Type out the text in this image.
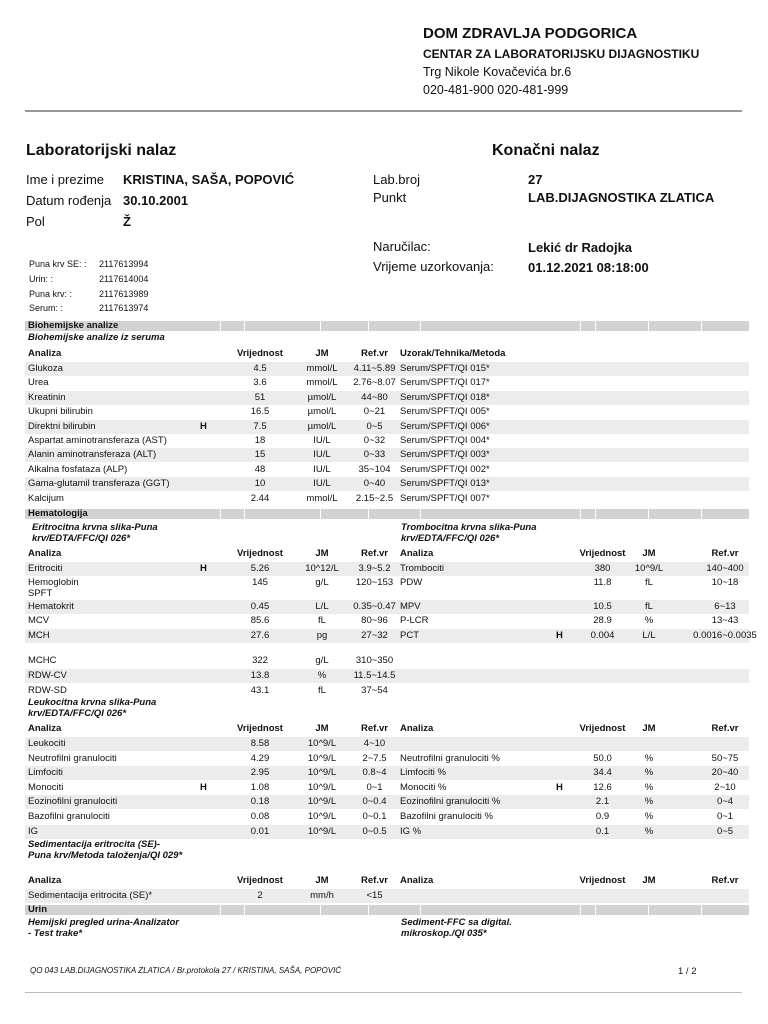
DOM ZDRAVLJA PODGORICA
CENTAR ZA LABORATORIJSKU DIJAGNOSTIKU
Trg Nikole Kovačevića br.6
020-481-900 020-481-999
Laboratorijski nalaz	Konačni nalaz
Ime i prezime KRISTINA, SAŠA, POPOVIĆ
Datum rođenja 30.10.2001
Pol	Ž
Lab.broj	27
Punkt	LAB.DIJAGNOSTIKA ZLATICA
Naručilac:	Lekić dr Radojka
Vrijeme uzorkovanja:	01.12.2021 08:18:00
Puna krv SE: : 2117613994
Urin: :	2117614004
Puna krv: :	2117613989
Serum: :	2117613974
Biohemijske analize
Biohemijske analize iz seruma
Analiza	Vrijednost	JM	Ref.vr	Uzorak/Tehnika/Metoda
Glukoza	4.5	mmol/L	4.11~5.89 Serum/SPFT/QI 015*
Urea	3.6	mmol/L	2.76~8.07 Serum/SPFT/QI 017*
Kreatinin	51	µmol/L	44~80	Serum/SPFT/QI 018*
Ukupni bilirubin	16.5	µmol/L	0~21	Serum/SPFT/QI 005*
Direktni bilirubin	H	7.5	µmol/L	0~5	Serum/SPFT/QI 006*
Aspartat aminotransferaza (AST)	18	IU/L	0~32	Serum/SPFT/QI 004*
Alanin aminotransferaza (ALT)	15	IU/L	0~33	Serum/SPFT/QI 003*
Alkalna fosfataza (ALP)	48	IU/L	35~104	Serum/SPFT/QI 002*
Gama-glutamil transferaza (GGT)	10	IU/L	0~40	Serum/SPFT/QI 013*
Kalcijum	2.44	mmol/L	2.15~2.5 Serum/SPFT/QI 007*
Hematologija
Eritrocitna krvna slika-Puna
krv/EDTA/FFC/QI 026*
Trombocitna krvna slika-Puna
krv/EDTA/FFC/QI 026*
Analiza	Vrijednost	JM	Ref.vr	Analiza	Vrijednost	JM	Ref.vr
Eritrociti	H	5.26	10^12/L	3.9~5.2
Hemoglobin	145	g/L	120~153
SPFT
Hematokrit	0.45	L/L	0.35~0.47
MCV	85.6	fL	80~96
MCH	27.6	pg	27~32
MCHC	322	g/L	310~350
RDW-CV	13.8	%	11.5~14.5
RDW-SD	43.1	fL	37~54
Trombociti	380	10^9/L	140~400
PDW	11.8	fL	10~18
MPV	10.5	fL	6~13
P-LCR	28.9	%	13~43
PCT	H	0.004	L/L	0.0016~0.0035
Leukocitna krvna slika-Puna
krv/EDTA/FFC/QI 026*
Analiza	Vrijednost	JM	Ref.vr	Analiza	Vrijednost	JM	Ref.vr
Leukociti	8.58	10^9/L	4~10
Neutrofilni granulociti	4.29	10^9/L	2~7.5
Limfociti	2.95	10^9/L	0.8~4
Monociti	H	1.08	10^9/L	0~1
Eozinofilni granulociti	0.18	10^9/L	0~0.4
Bazofilni granulociti	0.08	10^9/L	0~0.1
IG	0.01	10^9/L	0~0.5
Neutrofilni granulociti %	50.0	%	50~75
Limfociti %	34.4	%	20~40
Monociti %	H	12.6	%	2~10
Eozinofilni granulociti %	2.1	%	0~4
Bazofilni granulociti %	0.9	%	0~1
IG %	0.1	%	0~5
Sedimentacija eritrocita (SE)-
Puna krv/Metoda taloženja/QI 029*
Analiza	Vrijednost	JM	Ref.vr	Analiza	Vrijednost	JM	Ref.vr
Sedimentacija eritrocita (SE)*	2	mm/h	<15
Urin
Hemijski pregled urina-Analizator
- Test trake*
Sediment-FFC sa digital.
mikroskop./QI 035*
QO 043 LAB.DIJAGNOSTIKA ZLATICA / Br.protokola 27 / KRISTINA, SAŠA, POPOVIĆ	1 / 2
